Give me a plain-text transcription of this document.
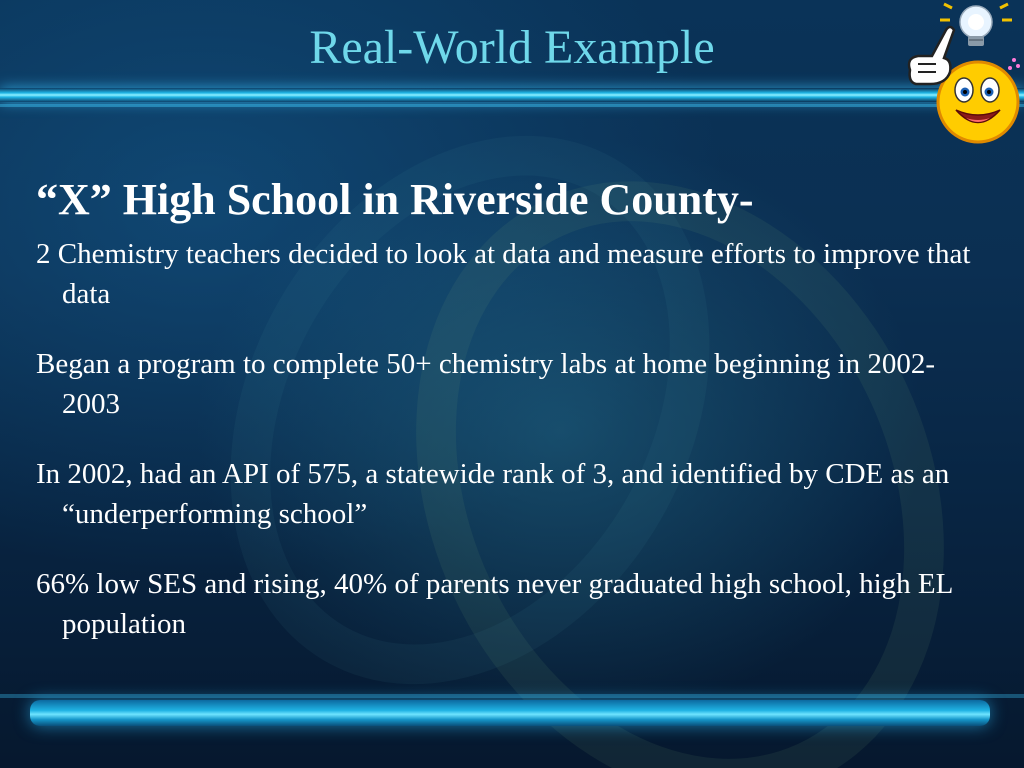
Real-World Example
“X” High School in Riverside County-
2 Chemistry teachers decided to look at data and measure efforts to improve that data
Began a program to complete 50+ chemistry labs at home beginning in 2002-2003
In 2002, had an API of 575, a statewide rank of 3, and identified by CDE as an “underperforming school”
66% low SES and rising, 40% of parents never graduated high school, high EL population
